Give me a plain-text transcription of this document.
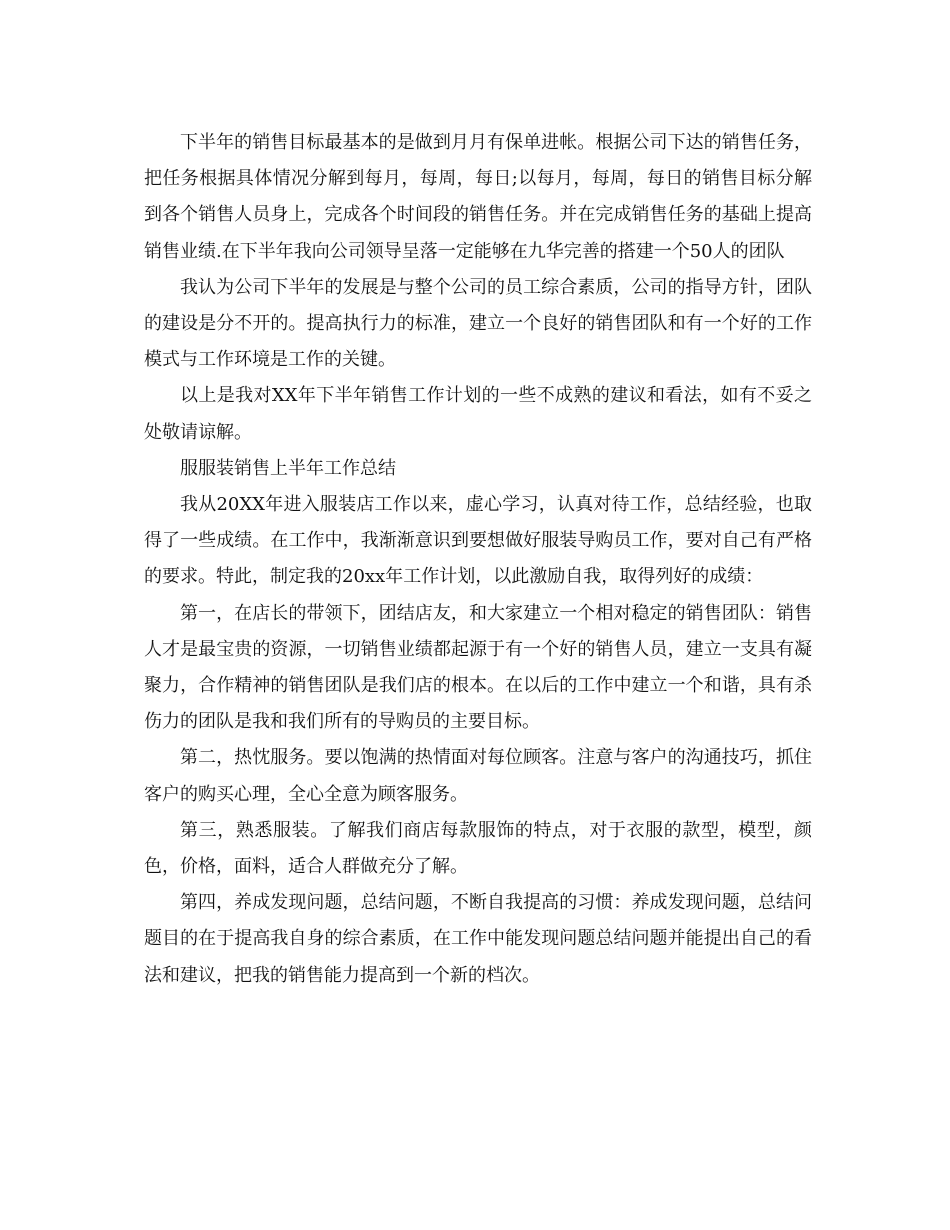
下半年的销售目标最基本的是做到月月有保单进帐。根据公司下达的销售任务，把任务根据具体情况分解到每月，每周，每日;以每月，每周，每日的销售目标分解到各个销售人员身上，完成各个时间段的销售任务。并在完成销售任务的基础上提高销售业绩.在下半年我向公司领导呈落一定能够在九华完善的搭建一个50人的团队

我认为公司下半年的发展是与整个公司的员工综合素质，公司的指导方针，团队的建设是分不开的。提高执行力的标准，建立一个良好的销售团队和有一个好的工作模式与工作环境是工作的关键。

以上是我对XX年下半年销售工作计划的一些不成熟的建议和看法，如有不妥之处敬请谅解。

服服装销售上半年工作总结

我从20XX年进入服装店工作以来，虚心学习，认真对待工作，总结经验，也取得了一些成绩。在工作中，我渐渐意识到要想做好服装导购员工作，要对自己有严格的要求。特此，制定我的20xx年工作计划，以此激励自我，取得列好的成绩：

第一，在店长的带领下，团结店友，和大家建立一个相对稳定的销售团队：销售人才是最宝贵的资源，一切销售业绩都起源于有一个好的销售人员，建立一支具有凝聚力，合作精神的销售团队是我们店的根本。在以后的工作中建立一个和谐，具有杀伤力的团队是我和我们所有的导购员的主要目标。

第二，热忱服务。要以饱满的热情面对每位顾客。注意与客户的沟通技巧，抓住客户的购买心理，全心全意为顾客服务。

第三，熟悉服装。了解我们商店每款服饰的特点，对于衣服的款型，模型，颜色，价格，面料，适合人群做充分了解。

第四，养成发现问题，总结问题，不断自我提高的习惯：养成发现问题，总结问题目的在于提高我自身的综合素质，在工作中能发现问题总结问题并能提出自己的看法和建议，把我的销售能力提高到一个新的档次。
